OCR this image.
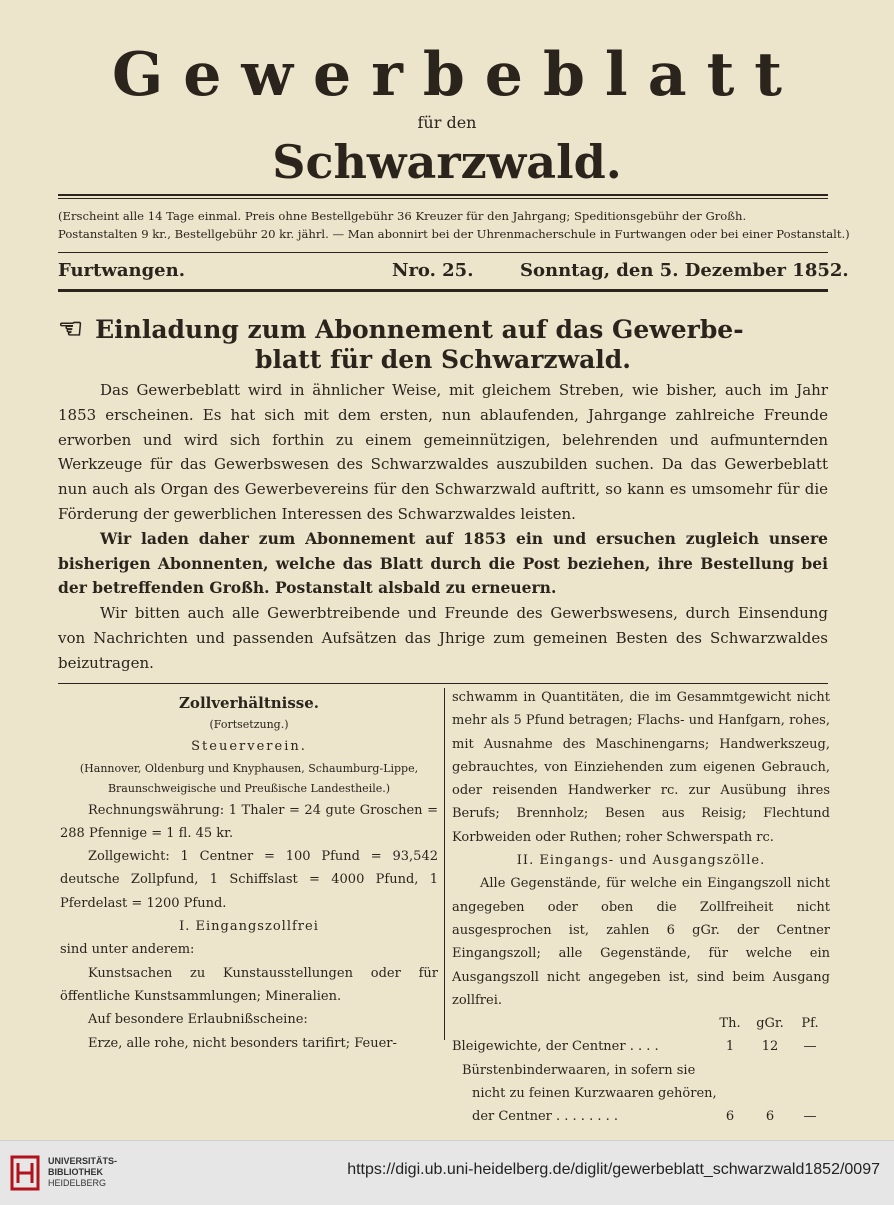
Gewerbeblatt
für den
Schwarzwald.
(Erscheint alle 14 Tage einmal. Preis ohne Bestellgebühr 36 Kreuzer für den Jahrgang; Speditionsgebühr der Großh.
Postanstalten 9 kr., Bestellgebühr 20 kr. jährl. — Man abonnirt bei der Uhrenmacherschule in Furtwangen oder bei einer Postanstalt.)
Furtwangen.	Nro. 25.	Sonntag, den 5. Dezember 1852.
☜ Einladung zum Abonnement auf das Gewerbe-
blatt für den Schwarzwald.

Das Gewerbeblatt wird in ähnlicher Weise, mit gleichem Streben, wie bisher, auch im Jahr 1853 erscheinen. Es hat sich mit dem ersten, nun ablaufenden, Jahrgange zahlreiche Freunde erworben und wird sich forthin zu einem gemeinnützigen, belehrenden und aufmunternden Werkzeuge für das Gewerbswesen des Schwarzwaldes auszubilden suchen. Da das Gewerbeblatt nun auch als Organ des Gewerbevereins für den Schwarzwald auftritt, so kann es umsomehr für die Förderung der gewerblichen Interessen des Schwarzwaldes leisten.

Wir laden daher zum Abonnement auf 1853 ein und ersuchen zugleich unsere bisherigen Abonnenten, welche das Blatt durch die Post beziehen, ihre Bestellung bei der betreffenden Großh. Postanstalt alsbald zu erneuern.

Wir bitten auch alle Gewerbtreibende und Freunde des Gewerbswesens, durch Einsendung von Nachrichten und passenden Aufsätzen das Jhrige zum gemeinen Besten des Schwarzwaldes beizutragen.

Zollverhältnisse.

(Fortsetzung.)

Steuerverein.

(Hannover, Oldenburg und Knyphausen, Schaumburg-Lippe, Braunschweigische und Preußische Landestheile.)

Rechnungswährung: 1 Thaler = 24 gute Groschen = 288 Pfennige = 1 fl. 45 kr.

Zollgewicht: 1 Centner = 100 Pfund = 93,542 deutsche Zollpfund, 1 Schiffslast = 4000 Pfund, 1 Pferdelast = 1200 Pfund.

I. Eingangszollfrei

sind unter anderem:

Kunstsachen zu Kunstausstellungen oder für öffentliche Kunstsammlungen; Mineralien.

Auf besondere Erlaubnißscheine:

Erze, alle rohe, nicht besonders tarifirt; Feuer-

schwamm in Quantitäten, die im Gesammtgewicht nicht mehr als 5 Pfund betragen; Flachs- und Hanfgarn, rohes, mit Ausnahme des Maschinengarns; Handwerkszeug, gebrauchtes, von Einziehenden zum eigenen Gebrauch, oder reisenden Handwerker rc. zur Ausübung ihres Berufs; Brennholz; Besen aus Reisig; Flechtund Korbweiden oder Ruthen; roher Schwerspath rc.

II. Eingangs- und Ausgangszölle.

Alle Gegenstände, für welche ein Eingangszoll nicht angegeben oder oben die Zollfreiheit nicht ausgesprochen ist, zahlen 6 gGr. der Centner Eingangszoll; alle Gegenstände, für welche ein Ausgangszoll nicht angegeben ist, sind beim Ausgang zollfrei.

Th.	gGr.	Pf.
Bleigewichte, der Centner . . . .	1	12	—
Bürstenbinderwaaren, in sofern sie
nicht zu feinen Kurzwaaren gehören,
der Centner . . . . . . . .	6	6	—
UNIVERSITÄTS-
BIBLIOTHEK
HEIDELBERG
https://digi.ub.uni-heidelberg.de/diglit/gewerbeblatt_schwarzwald1852/0097
